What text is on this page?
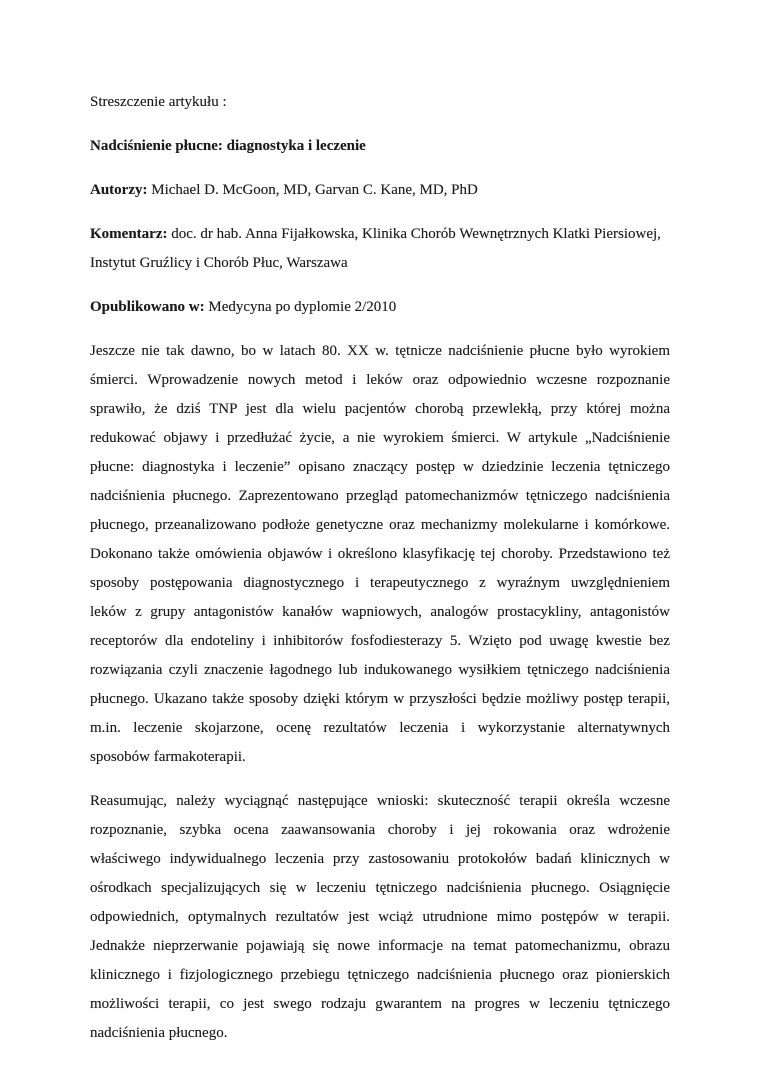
Streszczenie artykułu :
Nadciśnienie płucne: diagnostyka i leczenie
Autorzy: Michael D. McGoon, MD, Garvan C. Kane, MD, PhD
Komentarz: doc. dr hab. Anna Fijałkowska, Klinika Chorób Wewnętrznych Klatki Piersiowej, Instytut Gruźlicy i Chorób Płuc, Warszawa
Opublikowano w: Medycyna po dyplomie 2/2010
Jeszcze nie tak dawno, bo w latach 80. XX w. tętnicze nadciśnienie płucne było wyrokiem
śmierci. Wprowadzenie nowych metod i leków oraz odpowiednio wczesne rozpoznanie
sprawiło, że dziś TNP jest dla wielu pacjentów chorobą przewlekłą, przy której można
redukować objawy i przedłużać życie, a nie wyrokiem śmierci. W artykule „Nadciśnienie
płucne: diagnostyka i leczenie” opisano znaczący postęp w dziedzinie leczenia tętniczego
nadciśnienia płucnego. Zaprezentowano przegląd patomechanizmów tętniczego nadciśnienia
płucnego, przeanalizowano podłoże genetyczne oraz mechanizmy molekularne i komórkowe.
Dokonano także omówienia objawów i określono klasyfikację tej choroby. Przedstawiono też
sposoby postępowania diagnostycznego i terapeutycznego z wyraźnym uwzględnieniem
leków z grupy antagonistów kanałów wapniowych, analogów prostacykliny, antagonistów
receptorów dla endoteliny i inhibitorów fosfodiesterazy 5. Wzięto pod uwagę kwestie bez
rozwiązania czyli znaczenie łagodnego lub indukowanego wysiłkiem tętniczego nadciśnienia
płucnego. Ukazano także sposoby dzięki którym w przyszłości będzie możliwy postęp terapii,
m.in. leczenie skojarzone, ocenę rezultatów leczenia i wykorzystanie alternatywnych
sposobów farmakoterapii.
Reasumując, należy wyciągnąć następujące wnioski: skuteczność terapii określa wczesne
rozpoznanie, szybka ocena zaawansowania choroby i jej rokowania oraz wdrożenie
właściwego indywidualnego leczenia przy zastosowaniu protokołów badań klinicznych w
ośrodkach specjalizujących się w leczeniu tętniczego nadciśnienia płucnego. Osiągnięcie
odpowiednich, optymalnych rezultatów jest wciąż utrudnione mimo postępów w terapii.
Jednakże nieprzerwanie pojawiają się nowe informacje na temat patomechanizmu, obrazu
klinicznego i fizjologicznego przebiegu tętniczego nadciśnienia płucnego oraz pionierskich
możliwości terapii, co jest swego rodzaju gwarantem na progres w leczeniu tętniczego
nadciśnienia płucnego.
